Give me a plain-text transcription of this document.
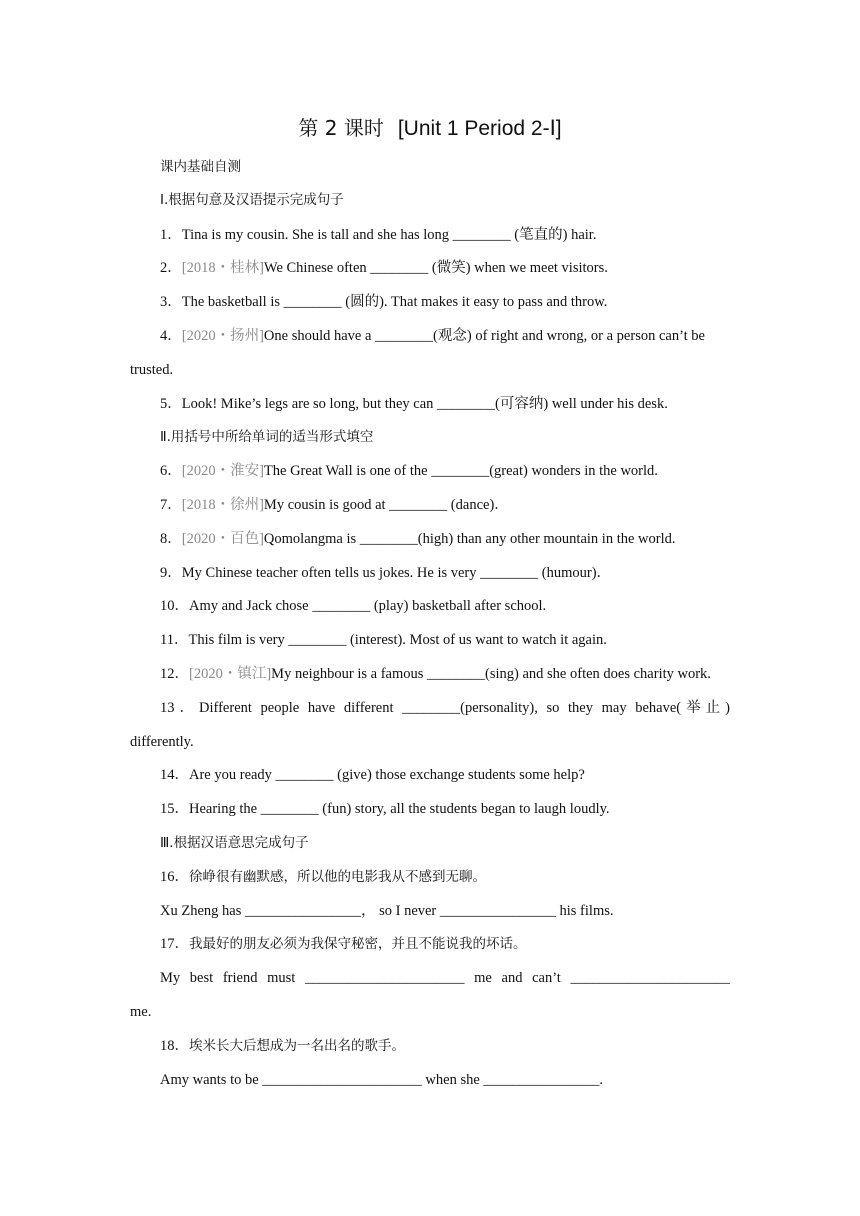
第 2 课时 [Unit 1 Period 2-Ⅰ]
课内基础自测
Ⅰ.根据句意及汉语提示完成句子
1．Tina is my cousin. She is tall and she has long ________ (笔直的) hair.
2．[2018・桂林]We Chinese often ________ (微笑) when we meet visitors.
3．The basketball is ________ (圆的). That makes it easy to pass and throw.
4．[2020・扬州]One should have a ________(观念) of right and wrong, or a person can’t be
trusted.
5．Look! Mike’s legs are so long, but they can ________(可容纳) well under his desk.
Ⅱ.用括号中所给单词的适当形式填空
6．[2020・淮安]The Great Wall is one of the ________(great) wonders in the world.
7．[2018・徐州]My cousin is good at ________ (dance)．
8．[2020・百色]Qomolangma is ________(high) than any other mountain in the world.
9．My Chinese teacher often tells us jokes. He is very ________ (humour)．
10．Amy and Jack chose ________ (play) basketball after school.
11．This film is very ________ (interest). Most of us want to watch it again.
12．[2020・镇江]My neighbour is a famous ________(sing) and she often does charity work.
13．Different people have different ________(personality), so they may behave(举止)
differently.
14．Are you ready ________ (give) those exchange students some help?
15．Hearing the ________ (fun) story, all the students began to laugh loudly.
Ⅲ.根据汉语意思完成句子
16．徐峥很有幽默感，所以他的电影我从不感到无聊。
Xu Zheng has ________________， so I never ________________ his films.
17．我最好的朋友必须为我保守秘密，并且不能说我的坏话。
My best friend must ______________________ me and can’t ______________________
me.
18．埃米长大后想成为一名出名的歌手。
Amy wants to be ______________________ when she ________________.
